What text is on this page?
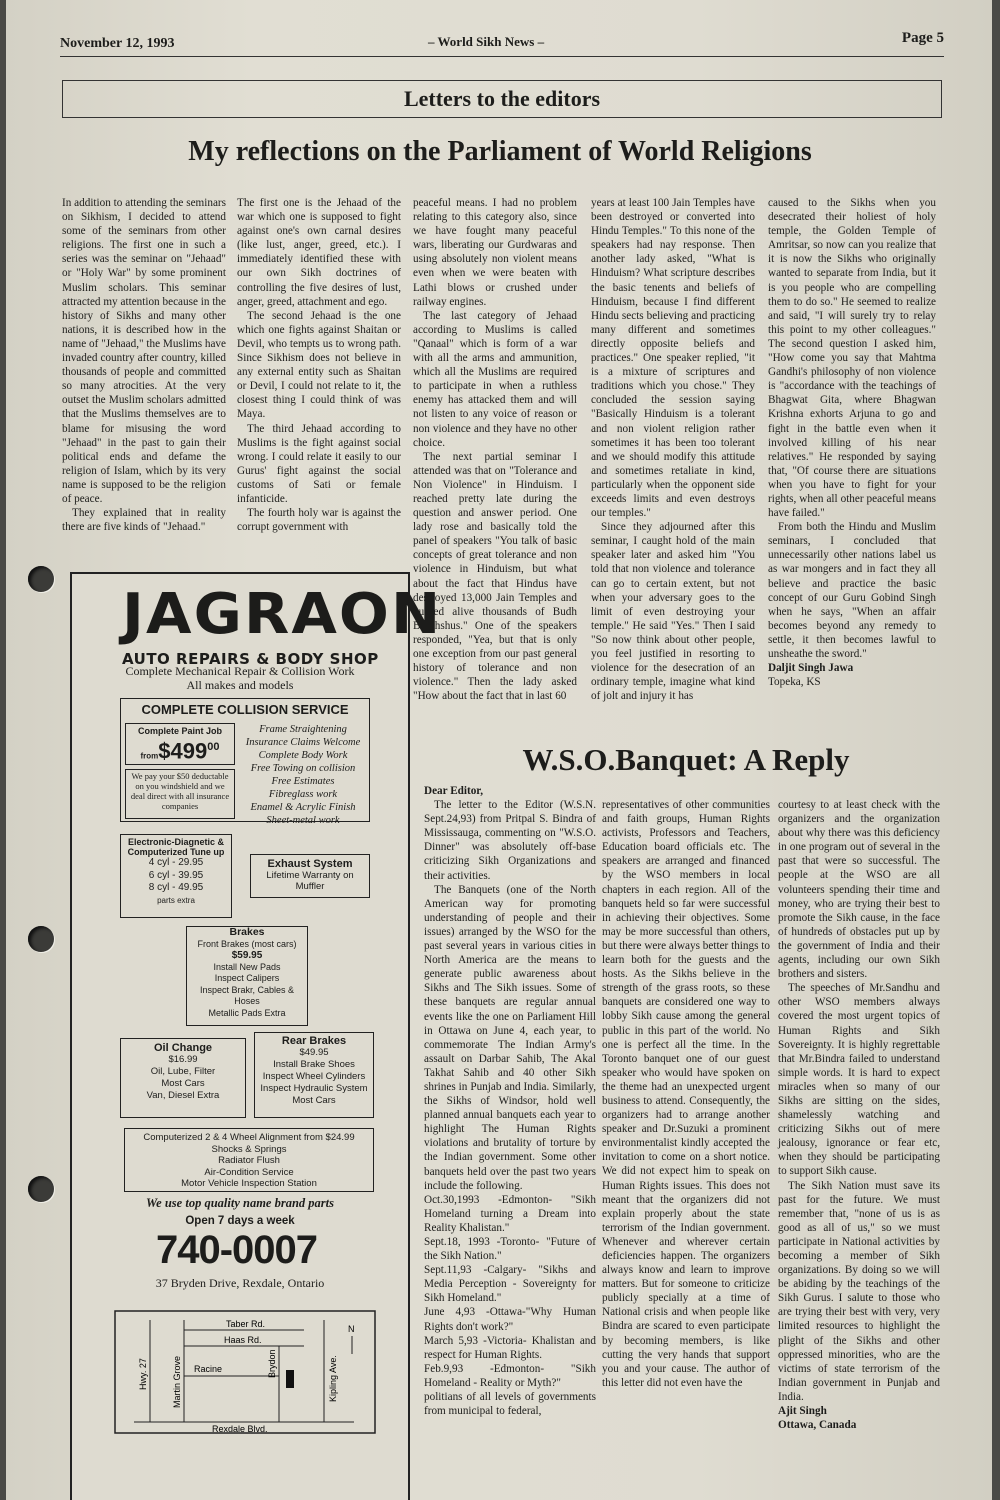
November 12, 1993	– World Sikh News –	Page 5
Letters to the editors
My reflections on the Parliament of World Religions

In addition to attending the seminars on Sikhism, I decided to attend some of the seminars from other religions. The first one in such a series was the seminar on "Jehaad" or "Holy War" by some prominent Muslim scholars. This seminar attracted my attention because in the history of Sikhs and many other nations, it is described how in the name of "Jehaad," the Muslims have invaded country after country, killed thousands of people and committed so many atrocities. At the very outset the Muslim scholars admitted that the Muslims themselves are to blame for misusing the word "Jehaad" in the past to gain their political ends and defame the religion of Islam, which by its very name is supposed to be the religion of peace.

They explained that in reality there are five kinds of "Jehaad."

The first one is the Jehaad of the war which one is supposed to fight against one's own carnal desires (like lust, anger, greed, etc.). I immediately identified these with our own Sikh doctrines of controlling the five desires of lust, anger, greed, attachment and ego.

The second Jehaad is the one which one fights against Shaitan or Devil, who tempts us to wrong path. Since Sikhism does not believe in any external entity such as Shaitan or Devil, I could not relate to it, the closest thing I could think of was Maya.

The third Jehaad according to Muslims is the fight against social wrong. I could relate it easily to our Gurus' fight against the social customs of Sati or female infanticide.

The fourth holy war is against the corrupt government with

peaceful means. I had no problem relating to this category also, since we have fought many peaceful wars, liberating our Gurdwaras and using absolutely non violent means even when we were beaten with Lathi blows or crushed under railway engines.

The last category of Jehaad according to Muslims is called "Qanaal" which is form of a war with all the arms and ammunition, which all the Muslims are required to participate in when a ruthless enemy has attacked them and will not listen to any voice of reason or non violence and they have no other choice.

The next partial seminar I attended was that on "Tolerance and Non Violence" in Hinduism. I reached pretty late during the question and answer period. One lady rose and basically told the panel of speakers "You talk of basic concepts of great tolerance and non violence in Hinduism, but what about the fact that Hindus have destroyed 13,000 Jain Temples and burned alive thousands of Budh Bhikhshus." One of the speakers responded, "Yea, but that is only one exception from our past general history of tolerance and non violence." Then the lady asked "How about the fact that in last 60

years at least 100 Jain Temples have been destroyed or converted into Hindu Temples." To this none of the speakers had nay response. Then another lady asked, "What is Hinduism? What scripture describes the basic tenents and beliefs of Hinduism, because I find different Hindu sects believing and practicing many different and sometimes directly opposite beliefs and practices." One speaker replied, "it is a mixture of scriptures and traditions which you chose." They concluded the session saying "Basically Hinduism is a tolerant and non violent religion rather sometimes it has been too tolerant and we should modify this attitude and sometimes retaliate in kind, particularly when the opponent side exceeds limits and even destroys our temples."

Since they adjourned after this seminar, I caught hold of the main speaker later and asked him "You told that non violence and tolerance can go to certain extent, but not when your adversary goes to the limit of even destroying your temple." He said "Yes." Then I said "So now think about other people, you feel justified in resorting to violence for the desecration of an ordinary temple, imagine what kind of jolt and injury it has

caused to the Sikhs when you desecrated their holiest of holy temple, the Golden Temple of Amritsar, so now can you realize that it is now the Sikhs who originally wanted to separate from India, but it is you people who are compelling them to do so." He seemed to realize and said, "I will surely try to relay this point to my other colleagues." The second question I asked him, "How come you say that Mahtma Gandhi's philosophy of non violence is "accordance with the teachings of Bhagwat Gita, where Bhagwan Krishna exhorts Arjuna to go and fight in the battle even when it involved killing of his near relatives." He responded by saying that, "Of course there are situations when you have to fight for your rights, when all other peaceful means have failed."

From both the Hindu and Muslim seminars, I concluded that unnecessarily other nations label us as war mongers and in fact they all believe and practice the basic concept of our Guru Gobind Singh when he says, "When an affair becomes beyond any remedy to settle, it then becomes lawful to unsheathe the sword."

Daljit Singh Jawa

Topeka, KS

JAGRAON
AUTO REPAIRS & BODY SHOP
Complete Mechanical Repair & Collision Work
All makes and models
COMPLETE COLLISION SERVICE
Complete Paint Job
$from\$499^{00}$
We pay your $50 deductable on you windshield and we deal direct with all insurance companies
Frame Straightening
Insurance Claims Welcome
Complete Body Work
Free Towing on collision
Free Estimates
Fibreglass work
Enamel & Acrylic Finish
Sheet-metal work
Electronic-Diagnetic & Computerized Tune up
4 cyl - 29.95
6 cyl - 39.95
8 cyl - 49.95
parts extra
Exhaust System
Lifetime Warranty on Muffler
Brakes
Front Brakes (most cars)
$59.95
Install New Pads
Inspect Calipers
Inspect Brakr, Cables & Hoses
Metallic Pads Extra
Oil Change
$16.99
Oil, Lube, Filter
Most Cars
Van, Diesel Extra
Rear Brakes
$49.95
Install Brake Shoes
Inspect Wheel Cylinders
Inspect Hydraulic System
Most Cars
Computerized 2 & 4 Wheel Alignment from $24.99
Shocks & Springs
Radiator Flush
Air-Condition Service
Motor Vehicle Inspection Station
We use top quality name brand parts
Open 7 days a week
740-0007
37 Bryden Drive, Rexdale, Ontario
Taber Rd.
Haas Rd.
Racine
Hwy. 27	Martin Grove	Brydon	Kipling Ave.
Rexdale Blvd.
N
W.S.O.Banquet: A Reply

Dear Editor,

The letter to the Editor (W.S.N. Sept.24,93) from Pritpal S. Bindra of Mississauga, commenting on "W.S.O. Dinner" was absolutely off-base criticizing Sikh Organizations and their activities.

The Banquets (one of the North American way for promoting understanding of people and their issues) arranged by the WSO for the past several years in various cities in North America are the means to generate public awareness about Sikhs and The Sikh issues. Some of these banquets are regular annual events like the one on Parliament Hill in Ottawa on June 4, each year, to commemorate The Indian Army's assault on Darbar Sahib, The Akal Takhat Sahib and 40 other Sikh shrines in Punjab and India. Similarly, the Sikhs of Windsor, hold well planned annual banquets each year to highlight The Human Rights violations and brutality of torture by the Indian government. Some other banquets held over the past two years include the following.

Oct.30,1993 -Edmonton- "Sikh Homeland turning a Dream into Reality Khalistan."

Sept.18, 1993 -Toronto- "Future of the Sikh Nation."

Sept.11,93 -Calgary- "Sikhs and Media Perception - Sovereignty for Sikh Homeland."

June 4,93 -Ottawa-"Why Human Rights don't work?"

March 5,93 -Victoria- Khalistan and respect for Human Rights.

Feb.9,93 -Edmonton- "Sikh Homeland - Reality or Myth?"

politians of all levels of governments from municipal to federal,

representatives of other communities and faith groups, Human Rights activists, Professors and Teachers, Education board officials etc. The speakers are arranged and financed by the WSO members in local chapters in each region. All of the banquets held so far were successful in achieving their objectives. Some may be more successful than others, but there were always better things to learn both for the guests and the hosts. As the Sikhs believe in the strength of the grass roots, so these banquets are considered one way to lobby Sikh cause among the general public in this part of the world. No one is perfect all the time. In the Toronto banquet one of our guest speaker who would have spoken on the theme had an unexpected urgent business to attend. Consequently, the organizers had to arrange another speaker and Dr.Suzuki a prominent environmentalist kindly accepted the invitation to come on a short notice. We did not expect him to speak on Human Rights issues. This does not meant that the organizers did not explain properly about the state terrorism of the Indian government. Whenever and wherever certain deficiencies happen. The organizers always know and learn to improve matters. But for someone to criticize publicly specially at a time of National crisis and when people like Bindra are scared to even participate by becoming members, is like cutting the very hands that support you and your cause. The author of this letter did not even have the

courtesy to at least check with the organizers and the organization about why there was this deficiency in one program out of several in the past that were so successful. The people at the WSO are all volunteers spending their time and money, who are trying their best to promote the Sikh cause, in the face of hundreds of obstacles put up by the government of India and their agents, including our own Sikh brothers and sisters.

The speeches of Mr.Sandhu and other WSO members always covered the most urgent topics of Human Rights and Sikh Sovereignty. It is highly regrettable that Mr.Bindra failed to understand simple words. It is hard to expect miracles when so many of our Sikhs are sitting on the sides, shamelessly watching and criticizing Sikhs out of mere jealousy, ignorance or fear etc, when they should be participating to support Sikh cause.

The Sikh Nation must save its past for the future. We must remember that, "none of us is as good as all of us," so we must participate in National activities by becoming a member of Sikh organizations. By doing so we will be abiding by the teachings of the Sikh Gurus. I salute to those who are trying their best with very, very limited resources to highlight the plight of the Sikhs and other oppressed minorities, who are the victims of state terrorism of the Indian government in Punjab and India.

Ajit Singh

Ottawa, Canada
